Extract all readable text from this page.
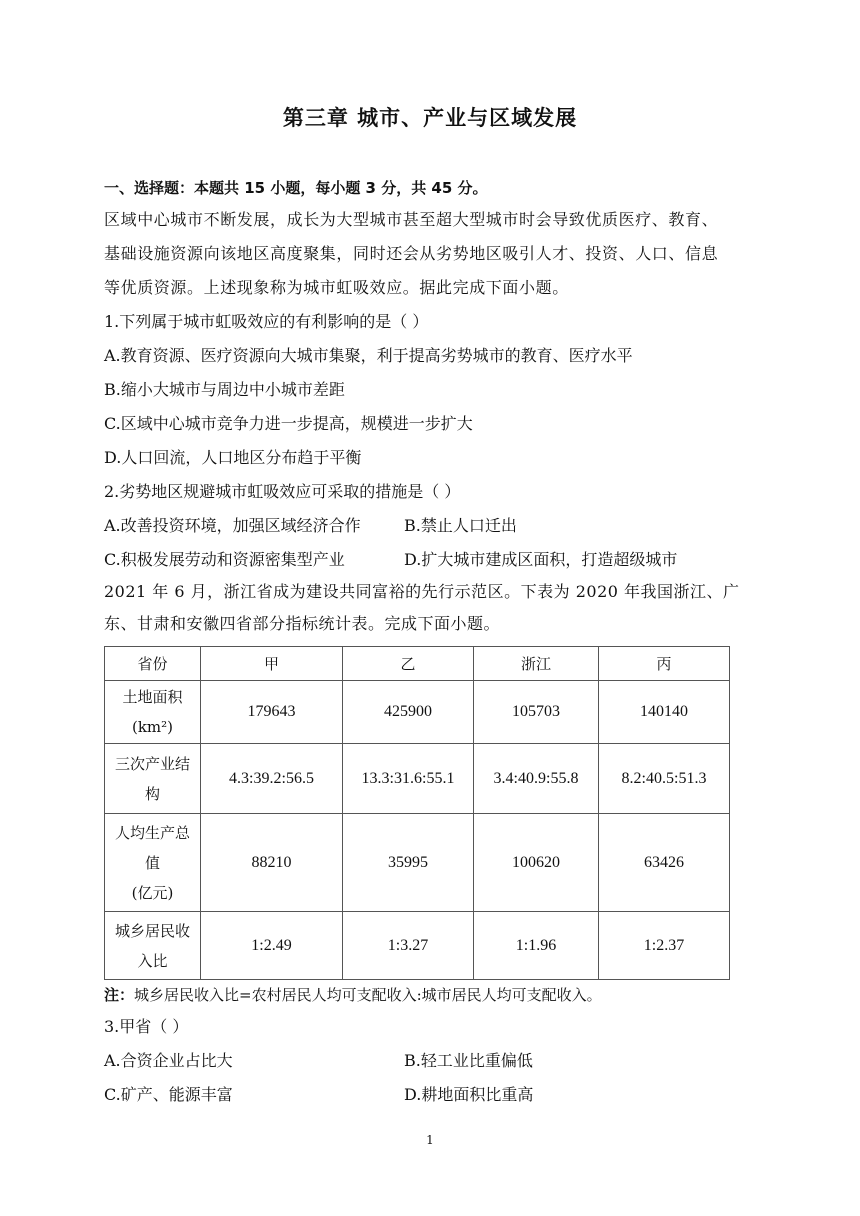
第三章 城市、产业与区域发展
一、选择题：本题共 15 小题，每小题 3 分，共 45 分。
区域中心城市不断发展，成长为大型城市甚至超大型城市时会导致优质医疗、教育、
基础设施资源向该地区高度聚集，同时还会从劣势地区吸引人才、投资、人口、信息
等优质资源。上述现象称为城市虹吸效应。据此完成下面小题。
1.下列属于城市虹吸效应的有利影响的是（ ）
A.教育资源、医疗资源向大城市集聚，利于提高劣势城市的教育、医疗水平
B.缩小大城市与周边中小城市差距
C.区域中心城市竞争力进一步提高，规模进一步扩大
D.人口回流，人口地区分布趋于平衡
2.劣势地区规避城市虹吸效应可采取的措施是（ ）
A.改善投资环境，加强区域经济合作	B.禁止人口迁出
C.积极发展劳动和资源密集型产业	D.扩大城市建成区面积，打造超级城市
2021 年 6 月，浙江省成为建设共同富裕的先行示范区。下表为 2020 年我国浙江、广
东、甘肃和安徽四省部分指标统计表。完成下面小题。
省份	甲	乙	浙江	丙

土地面积
(km²)	179643	425900	105703	140140

三次产业结
构	4.3:39.2:56.5	13.3:31.6:55.1	3.4:40.9:55.8	8.2:40.5:51.3

人均生产总
值
(亿元)	88210	35995	100620	63426

城乡居民收
入比	1:2.49	1:3.27	1:1.96	1:2.37
注：城乡居民收入比=农村居民人均可支配收入:城市居民人均可支配收入。
3.甲省（ ）
A.合资企业占比大	B.轻工业比重偏低
C.矿产、能源丰富	D.耕地面积比重高
1
